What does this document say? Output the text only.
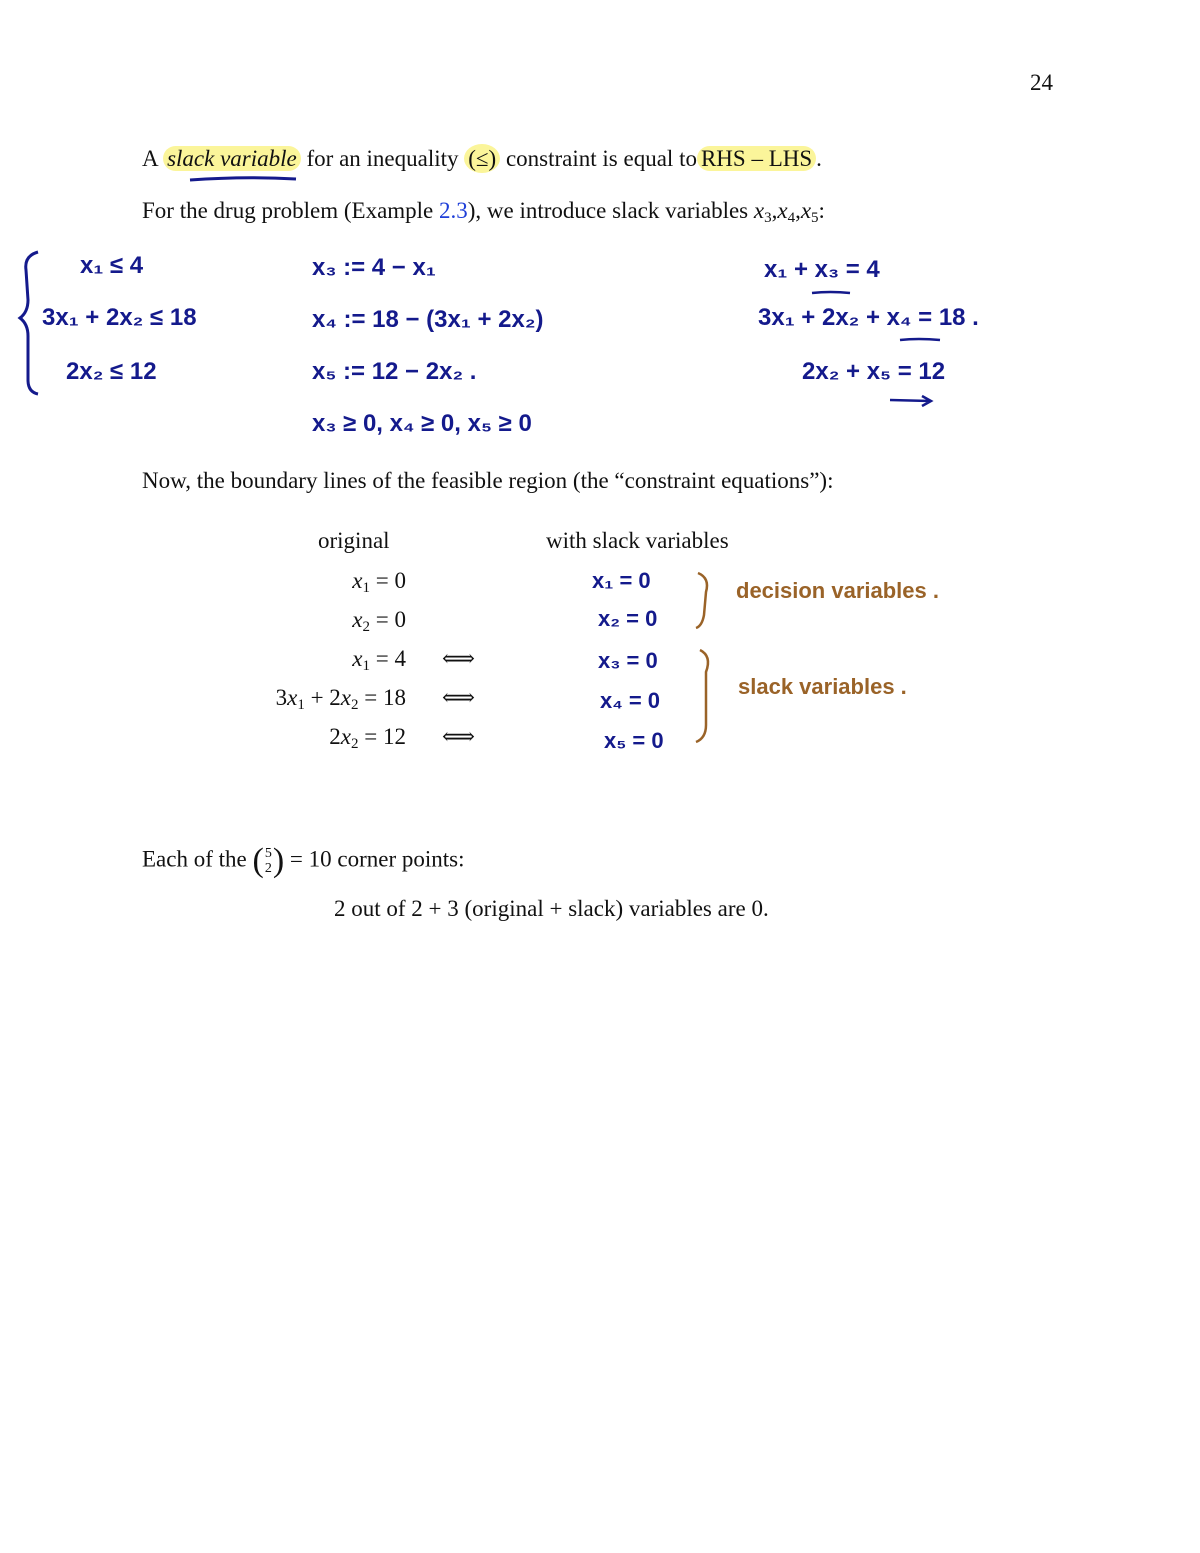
24
A slack variable for an inequality (≤) constraint is equal to RHS – LHS .
For the drug problem (Example 2.3), we introduce slack variables $x_3,x_4,x_5$:
x₁ ≤ 4
3x₁ + 2x₂ ≤ 18
2x₂ ≤ 12
x₃ := 4 − x₁
x₄ := 18 − (3x₁ + 2x₂)
x₅ := 12 − 2x₂ .
x₃ ≥ 0, x₄ ≥ 0, x₅ ≥ 0
x₁ + x₃ = 4
3x₁ + 2x₂ + x₄ = 18 .
2x₂ + x₅ = 12
Now, the boundary lines of the feasible region (the “constraint equations”):
original	with slack variables
$x_1 = 0$
$x_2 = 0$
$x_1 = 4$
$3x_1 + 2x_2 = 18$
$2x_2 = 12$
⟺
⟺
⟺
x₁ = 0
x₂ = 0
x₃ = 0
x₄ = 0
x₅ = 0
decision variables .
slack variables .
Each of the ( 5
2 ) = 10 corner points:
2 out of 2 + 3 (original + slack) variables are 0.
